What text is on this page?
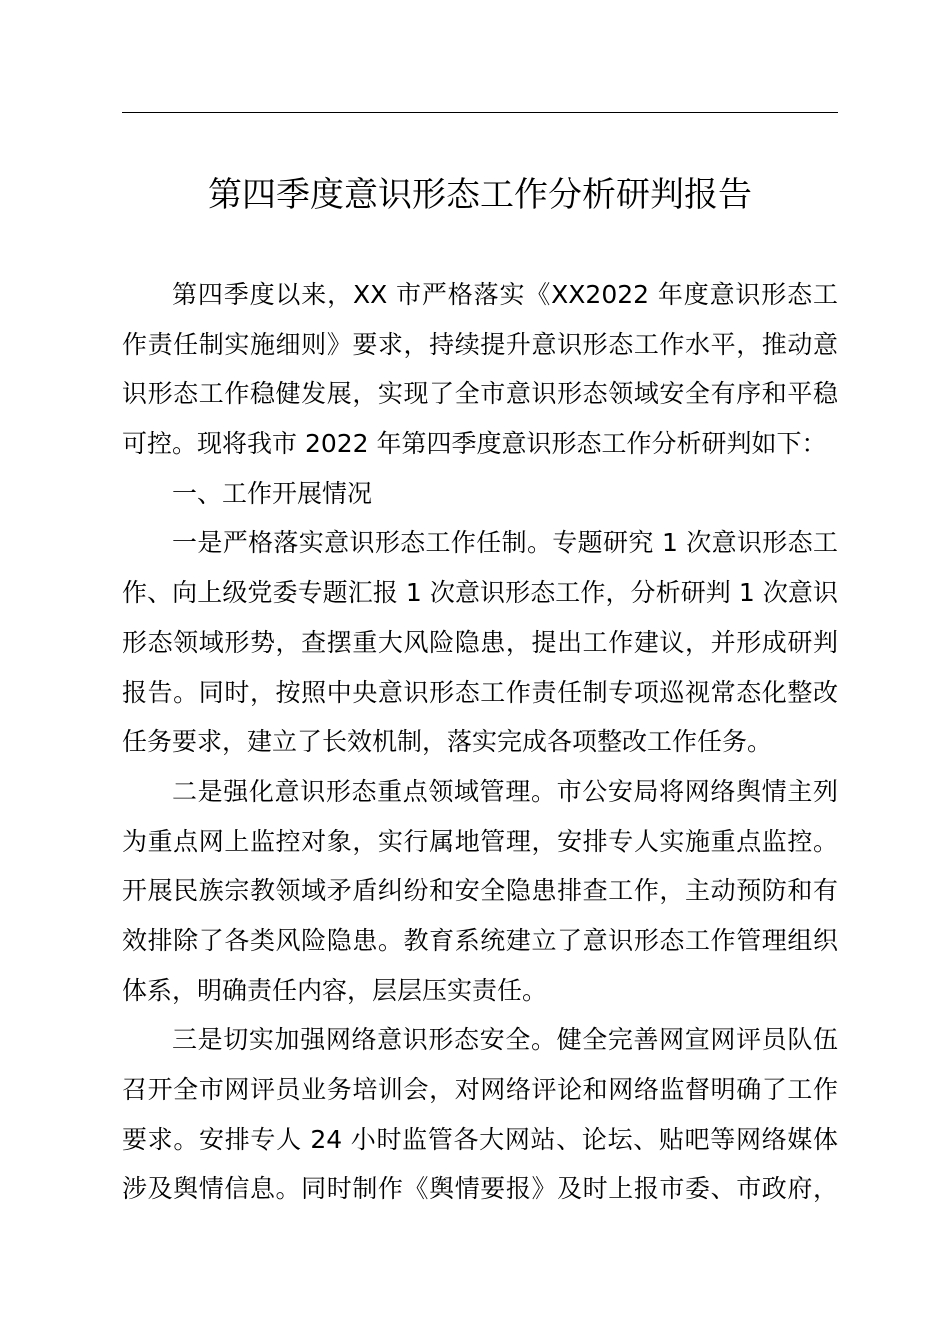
第四季度意识形态工作分析研判报告
第四季度以来，XX 市严格落实《XX2022 年度意识形态工
作责任制实施细则》要求，持续提升意识形态工作水平，推动意
识形态工作稳健发展，实现了全市意识形态领域安全有序和平稳
可控。现将我市 2022 年第四季度意识形态工作分析研判如下：
一、工作开展情况
一是严格落实意识形态工作任制。专题研究 1 次意识形态工
作、向上级党委专题汇报 1 次意识形态工作，分析研判 1 次意识
形态领域形势，查摆重大风险隐患，提出工作建议，并形成研判
报告。同时，按照中央意识形态工作责任制专项巡视常态化整改
任务要求，建立了长效机制，落实完成各项整改工作任务。
二是强化意识形态重点领域管理。市公安局将网络舆情主列
为重点网上监控对象，实行属地管理，安排专人实施重点监控。
开展民族宗教领域矛盾纠纷和安全隐患排查工作，主动预防和有
效排除了各类风险隐患。教育系统建立了意识形态工作管理组织
体系，明确责任内容，层层压实责任。
三是切实加强网络意识形态安全。健全完善网宣网评员队伍
召开全市网评员业务培训会，对网络评论和网络监督明确了工作
要求。安排专人 24 小时监管各大网站、论坛、贴吧等网络媒体
涉及舆情信息。同时制作《舆情要报》及时上报市委、市政府，
